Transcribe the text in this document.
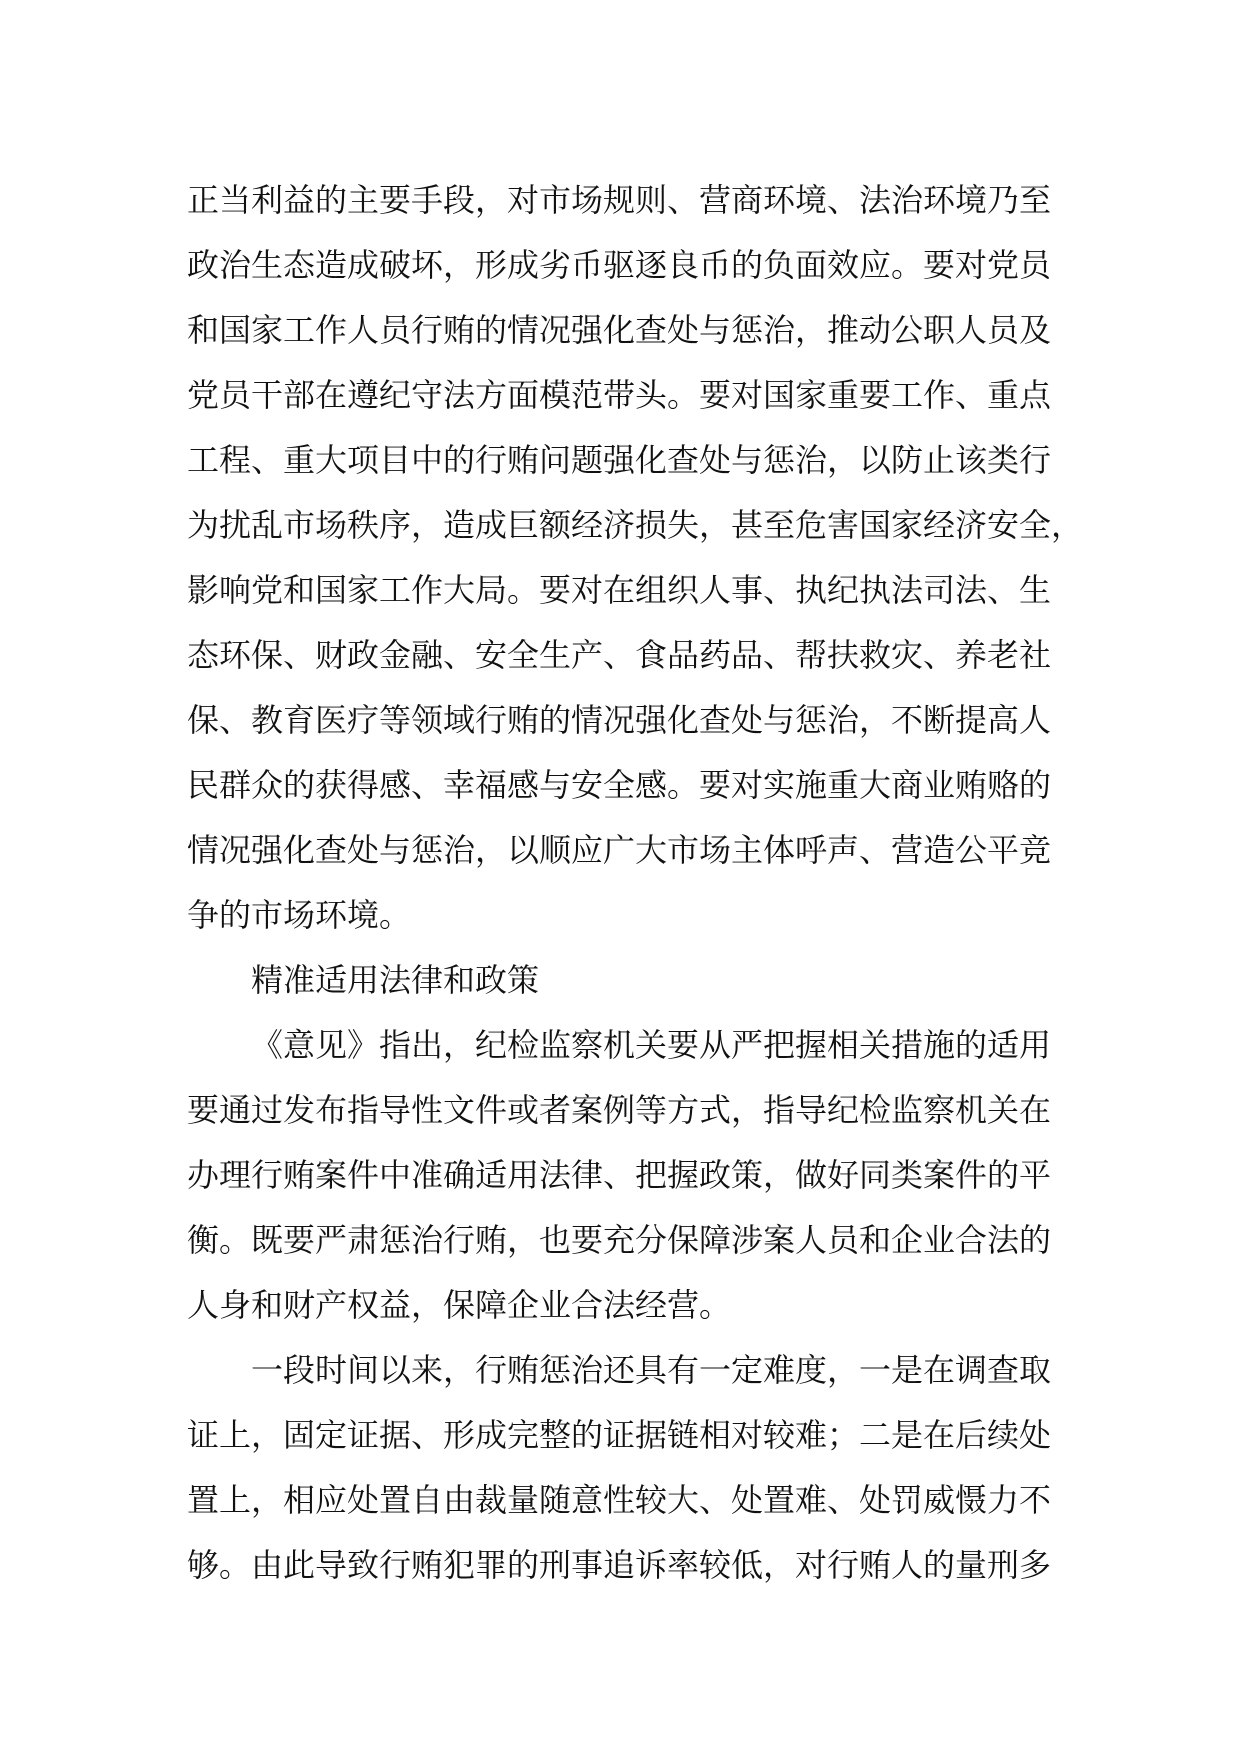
正当利益的主要手段，对市场规则、营商环境、法治环境乃至
政治生态造成破坏，形成劣币驱逐良币的负面效应。要对党员
和国家工作人员行贿的情况强化查处与惩治，推动公职人员及
党员干部在遵纪守法方面模范带头。要对国家重要工作、重点
工程、重大项目中的行贿问题强化查处与惩治，以防止该类行
为扰乱市场秩序，造成巨额经济损失，甚至危害国家经济安全，
影响党和国家工作大局。要对在组织人事、执纪执法司法、生
态环保、财政金融、安全生产、食品药品、帮扶救灾、养老社
保、教育医疗等领域行贿的情况强化查处与惩治，不断提高人
民群众的获得感、幸福感与安全感。要对实施重大商业贿赂的
情况强化查处与惩治，以顺应广大市场主体呼声、营造公平竞
争的市场环境。
精准适用法律和政策
《意见》指出，纪检监察机关要从严把握相关措施的适用
要通过发布指导性文件或者案例等方式，指导纪检监察机关在
办理行贿案件中准确适用法律、把握政策，做好同类案件的平
衡。既要严肃惩治行贿，也要充分保障涉案人员和企业合法的
人身和财产权益，保障企业合法经营。
一段时间以来，行贿惩治还具有一定难度，一是在调查取
证上，固定证据、形成完整的证据链相对较难；二是在后续处
置上，相应处置自由裁量随意性较大、处置难、处罚威慑力不
够。由此导致行贿犯罪的刑事追诉率较低，对行贿人的量刑多
